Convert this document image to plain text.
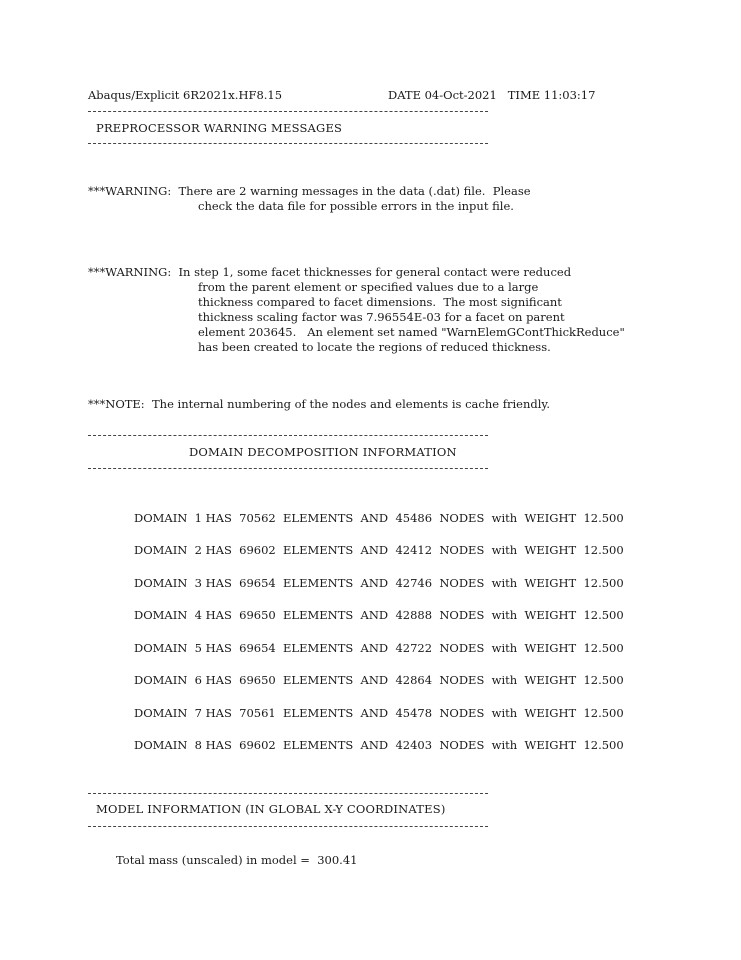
Abaqus/Explicit 6R2021x.HF8.15	DATE 04-Oct-2021   TIME 11:03:17
PREPROCESSOR WARNING MESSAGES
***WARNING:  There are 2 warning messages in the data (.dat) file.  Please
check the data file for possible errors in the input file.
***WARNING:  In step 1, some facet thicknesses for general contact were reduced
from the parent element or specified values due to a large
thickness compared to facet dimensions.  The most significant
thickness scaling factor was 7.96554E-03 for a facet on parent
element 203645.   An element set named "WarnElemGContThickReduce"
has been created to locate the regions of reduced thickness.
***NOTE:  The internal numbering of the nodes and elements is cache friendly.
DOMAIN DECOMPOSITION INFORMATION
DOMAIN  1 HAS  70562  ELEMENTS  AND  45486  NODES  with  WEIGHT  12.500
DOMAIN  2 HAS  69602  ELEMENTS  AND  42412  NODES  with  WEIGHT  12.500
DOMAIN  3 HAS  69654  ELEMENTS  AND  42746  NODES  with  WEIGHT  12.500
DOMAIN  4 HAS  69650  ELEMENTS  AND  42888  NODES  with  WEIGHT  12.500
DOMAIN  5 HAS  69654  ELEMENTS  AND  42722  NODES  with  WEIGHT  12.500
DOMAIN  6 HAS  69650  ELEMENTS  AND  42864  NODES  with  WEIGHT  12.500
DOMAIN  7 HAS  70561  ELEMENTS  AND  45478  NODES  with  WEIGHT  12.500
DOMAIN  8 HAS  69602  ELEMENTS  AND  42403  NODES  with  WEIGHT  12.500
MODEL INFORMATION (IN GLOBAL X-Y COORDINATES)
Total mass (unscaled) in model =  300.41
